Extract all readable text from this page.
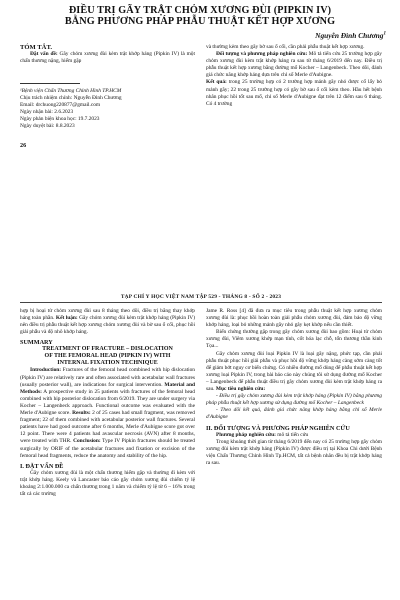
ĐIỀU TRỊ GÃY TRẬT CHỎM XƯƠNG ĐÙI (PIPKIN IV)
BẰNG PHƯƠNG PHÁP PHẪU THUẬT KẾT HỢP XƯƠNG
Nguyễn Đình Chương$^1$

TÓM TẮT.

Đặt vấn đề: Gãy chỏm xương đùi kèm trật khớp háng (Pipkin IV) là một chấn thương nặng, hiếm gặp

¹Bệnh viện Chấn Thương Chỉnh Hình TP.HCM

Chịu trách nhiệm chính: Nguyễn Đình Chương

Email: drchuong220877@gmail.com

Ngày nhận bài: 2.6.2023

Ngày phản biện khoa học: 19.7.2023

Ngày duyệt bài: 8.8.2023

26

và thường kèm theo gãy bờ sau ổ cối, cần phải phẫu thuật kết hợp xương.

Đối tượng và phương pháp nghiên cứu: Mô tả tiến cứu 25 trường hợp gãy chỏm xương đùi kèm trật khớp háng ra sau từ tháng 6/2019 đến nay. Điều trị phẫu thuật kết hợp xương bằng đường mổ Kocher – Langenbeck. Theo dõi, đánh giá chức năng khớp háng dựa trên chỉ số Merle d'Aubigne.

Kết quả: trong 25 trường hợp có 2 trường hợp mảnh gãy nhỏ được cố lấy bỏ mảnh gãy; 22 trong 25 trường hợp có gãy bờ sau ổ cối kèm theo. Hầu hết bệnh nhân phục hồi tốt sau mổ, chỉ số Merle d'Aubigne đạt trên 12 điểm sau 6 tháng. Có 4 trường

TẠP CHÍ Y HỌC VIỆT NAM TẬP 529 - THÁNG 8 - SỐ 2 - 2023

hợp bị hoại tử chỏm xương đùi sau 8 tháng theo dõi, điều trị bằng thay khớp háng toàn phần. Kết luận: Gãy chỏm xương đùi kèm trật khớp háng (Pipkin IV) nên điều trị phẫu thuật kết hợp xương chỏm xương đùi và bờ sau ổ cối, phục hồi giải phẫu và độ nhô khớp háng.

SUMMARY

TREATMENT OF FRACTURE – DISLOCATION

OF THE FEMORAL HEAD (PIPKIN IV) WITH

INTERNAL FIXATION TECHNIQUE

Introduction: Fractures of the femoral head combined with hip dislocation (Pipkin IV) are relatively rare and often associated with acetabular wall fractures (usually posterior wall), are indications for surgical intervention. Material and Methods: A prospective study in 25 patients with fractures of the femoral head combined with hip posterior dislocation from 6/2019. They are under surgery via Kocher – Langenbeck approach. Functional outcome was evaluated with the Merle d'Aubigne score. Results: 2 of 25 cases had small fragment, was removed fragment; 22 of them combined with acetabular posterior wall fractures. Several patients have had good outcome after 6 months, Merle d'Aubigne score got over 12 point. There were 4 patients had avascular necrosis (AVN) after 8 months, were treated with THR. Conclusion: Type IV Pipkin fractures should be treated surgically by ORIF of the acetabular fractures and fixation or excision of the femoral head fragments, reduce the anatomy and stability of the hip.

I. ĐẶT VẤN ĐỀ

Gãy chỏm xương đùi là một chấn thương hiếm gặp và thường đi kèm với trật khớp háng. Keely và Lancaster báo cáo gãy chỏm xương đùi chiếm tỷ lệ khoảng 2:1.000.000 ca chấn thương trong 1 năm và chiếm tỷ lệ từ 6 – 16% trong tất cả các trường

Jame R. Ross [4] đã đưa ra mục tiêu trong phẫu thuật kết hợp xương chỏm xương đùi là: phục hồi hoàn toàn giải phẫu chỏm xương đùi, đảm bảo độ vững khớp háng, loại bỏ những mảnh gãy nhỏ gây kẹt khớp nếu cần thiết.

Biến chứng thường gặp trong gãy chỏm xương đùi bao gồm: Hoại tử chỏm xương đùi, Viêm xương khớp mạn tính, cốt hóa lạc chỗ, tổn thương thần kinh Tọa...

Gãy chỏm xương đùi loại Pipkin IV là loại gãy nặng, phức tạp, cần phải phẫu thuật phục hồi giải phẫu và phục hồi độ vững khớp háng càng sớm càng tốt để giảm bớt nguy cơ biến chứng. Có nhiều đường mổ dùng để phẫu thuật kết hợp xương loại Pipkin IV, trong bài báo cáo này chúng tôi sử dụng đường mổ Kocher – Langenbeck để phẫu thuật điều trị gãy chỏm xương đùi kèm trật khớp háng ra sau. Mục tiêu nghiên cứu:

- Điều trị gãy chỏm xương đùi kèm trật khớp háng (Pipkin IV) bằng phương pháp phẫu thuật kết hợp xương sử dụng đường mổ Kocher – Langenbeck

- Theo dõi kết quả, đánh giá chức năng khớp háng bằng chỉ số Merle d'Aubigne

II. ĐỐI TƯỢNG VÀ PHƯƠNG PHÁP NGHIÊN CỨU

Phương pháp nghiên cứu: mô tả tiến cứu

Trong khoảng thời gian từ tháng 6/2019 đến nay có 25 trường hợp gãy chỏm xương đùi kèm trật khớp háng (Pipkin IV) được điều trị tại Khoa Chi dưới Bệnh viện Chấn Thương Chỉnh Hình Tp.HCM, tất cả bệnh nhân đều bị trật khớp háng ra sau.
